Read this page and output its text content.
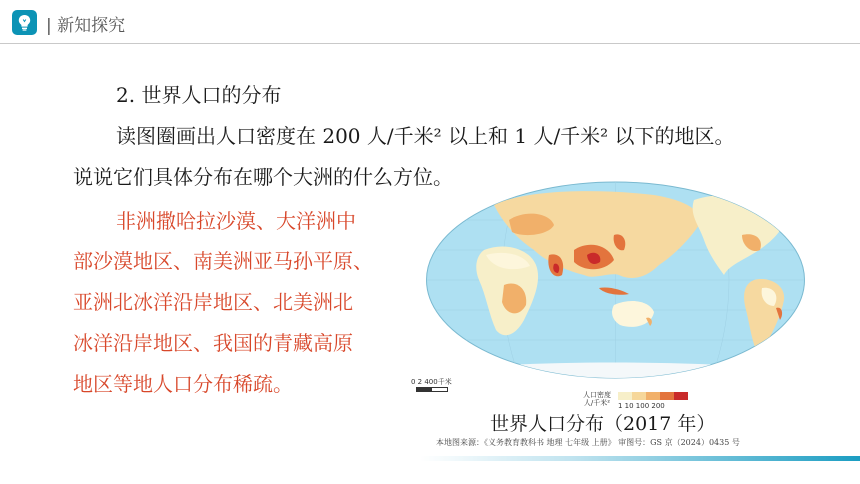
| 新知探究
2. 世界人口的分布
读图圈画出人口密度在 200 人/千米² 以上和 1 人/千米² 以下的地区。
说说它们具体分布在哪个大洲的什么方位。
非洲撒哈拉沙漠、大洋洲中
部沙漠地区、南美洲亚马孙平原、
亚洲北冰洋沿岸地区、北美洲北
冰洋沿岸地区、我国的青藏高原
地区等地人口分布稀疏。	0 2 400千米
人口密度
人/千米²	1 10 100 200
世界人口分布（2017 年）
本地图来源：《义务教育教科书 地理 七年级 上册》 审图号：GS 京（2024）0435 号
